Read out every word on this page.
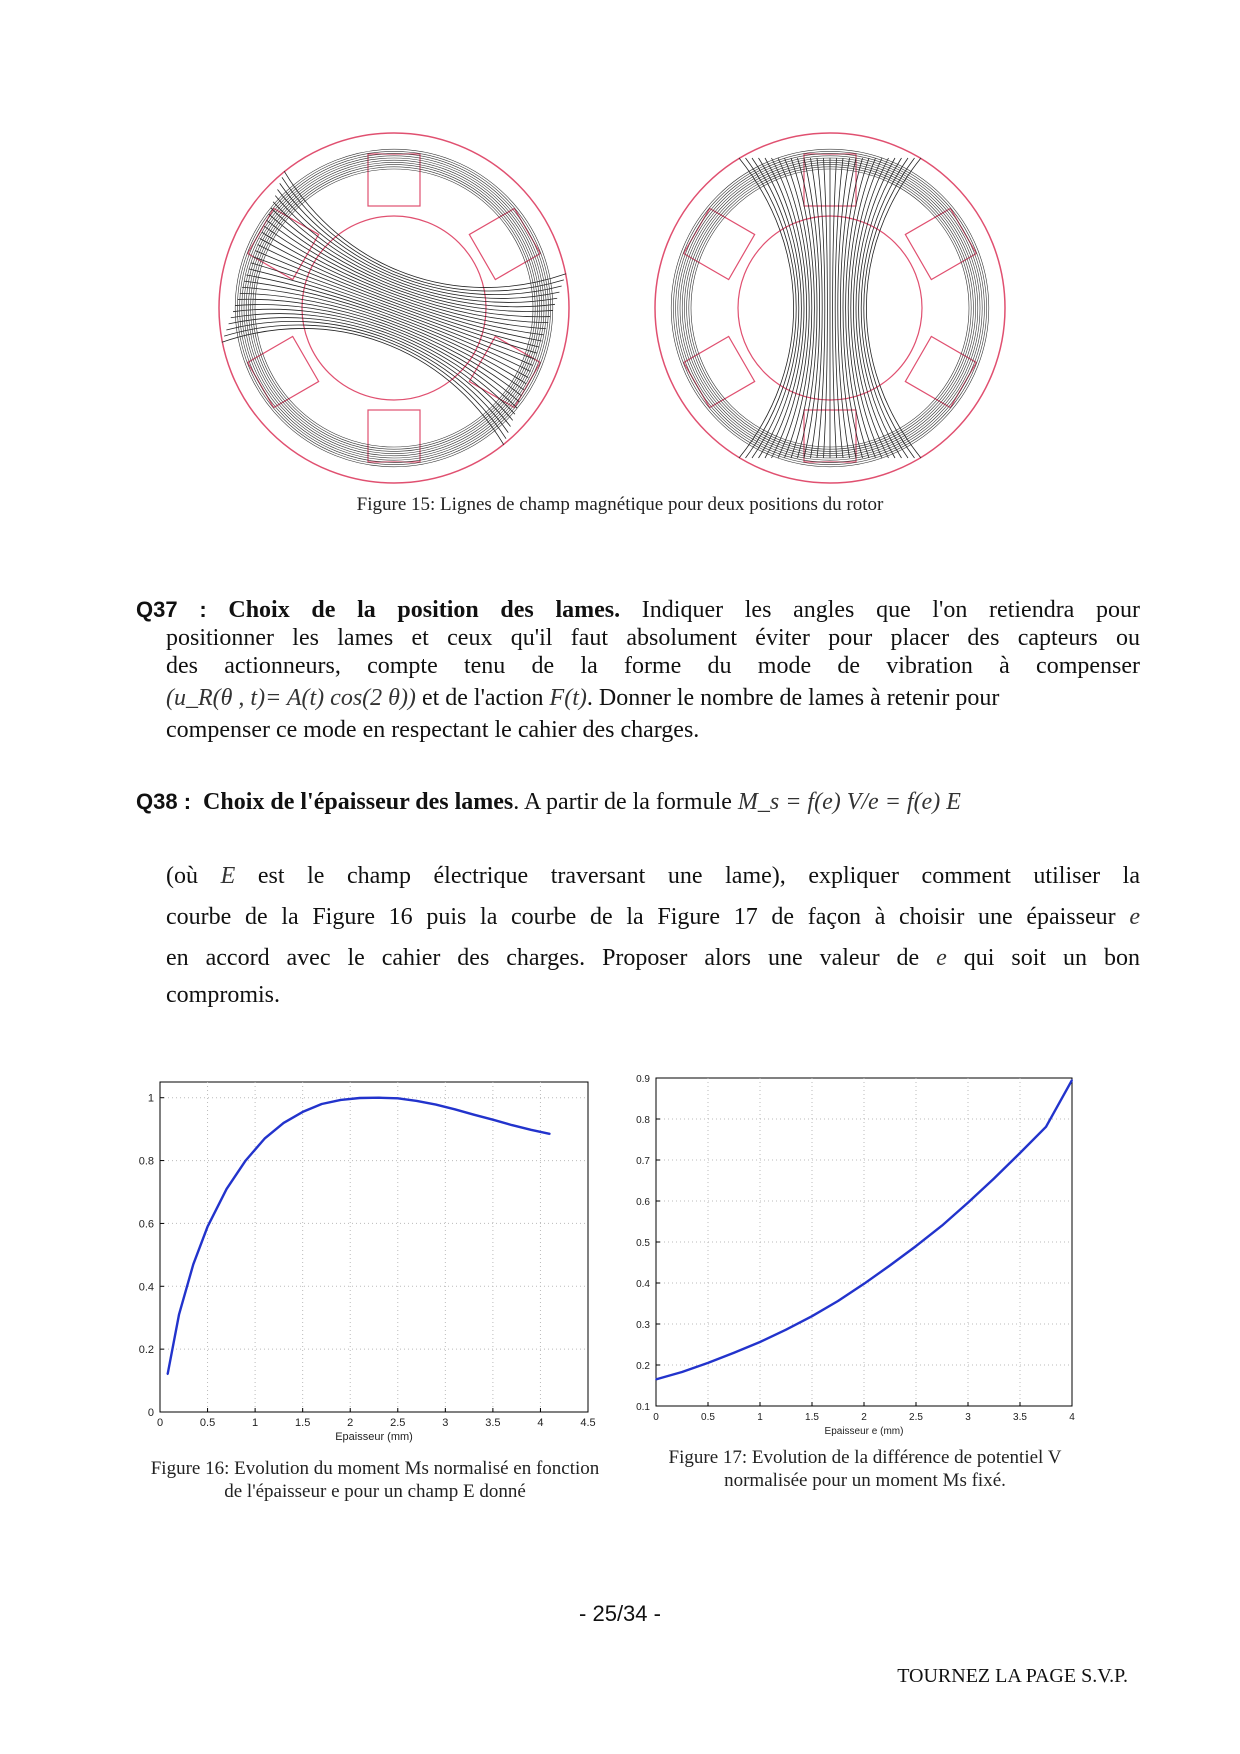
Figure 15: Lignes de champ magnétique pour deux positions du rotor
Q37 : Choix de la position des lames. Indiquer les angles que l'on retiendra pour
positionner les lames et ceux qu'il faut absolument éviter pour placer des capteurs ou
des actionneurs, compte tenu de la forme du mode de vibration à compenser
(u_R(θ , t)= A(t) cos(2 θ)) et de l'action F(t). Donner le nombre de lames à retenir pour
compenser ce mode en respectant le cahier des charges.
Q38 : Choix de l'épaisseur des lames. A partir de la formule M_s = f(e) V/e = f(e) E
(où E est le champ électrique traversant une lame), expliquer comment utiliser la
courbe de la Figure 16 puis la courbe de la Figure 17 de façon à choisir une épaisseur e
en accord avec le cahier des charges. Proposer alors une valeur de e qui soit un bon
compromis.
0	0.5	1	1.5	2	2.5	3	3.5	4	4.5
0
0.2
0.4
0.6
0.8
1
Epaisseur (mm)
Figure 16: Evolution du moment Ms normalisé en fonction de l'épaisseur e pour un champ E donné
0	0.5	1	1.5	2	2.5	3	3.5	4
0.1
0.2
0.3
0.4
0.5
0.6
0.7
0.8
0.9
Epaisseur e (mm)
Figure 17: Evolution de la différence de potentiel V normalisée pour un moment Ms fixé.
- 25/34 -
TOURNEZ LA PAGE S.V.P.
